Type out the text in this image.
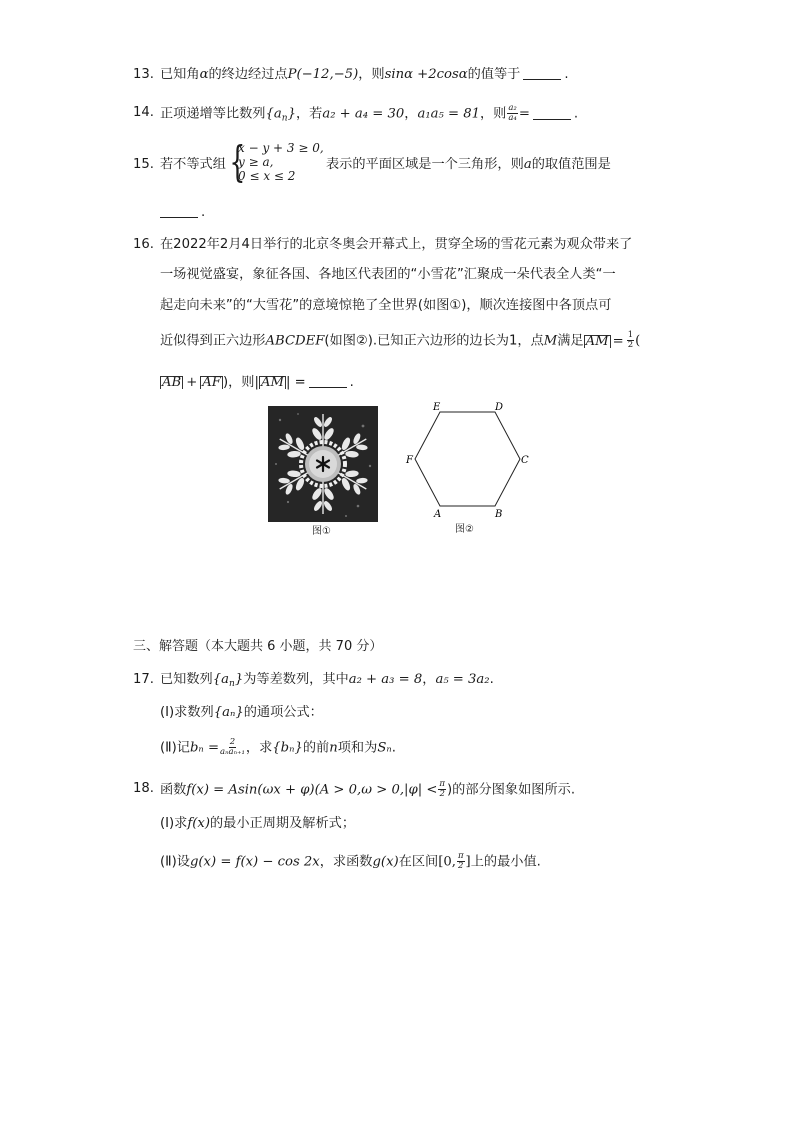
13. 已知角α的终边经过点P(−12,−5)，则sinα +2cosα的值等于	.
14. 正项递增等比数列$\{a_n\}$，若a₂ + a₄ = 30，a₁a₅ = 81，则 $\frac{\text{a₂}}{\text{a₄}}$ =	.
15. 若不等式组 {
x − y + 3 ≥ 0,
y ≥ a,
0 ≤ x ≤ 2
表示的平面区域是一个三角形，则a的取值范围是
.
16. 在2022年2月4日举行的北京冬奥会开幕式上，贯穿全场的雪花元素为观众带来了
一场视觉盛宴，象征各国、各地区代表团的“小雪花”汇聚成一朵代表全人类“一
起走向未来”的“大雪花”的意境惊艳了全世界(如图①)，顺次连接图中各顶点可
近似得到正六边形ABCDEF(如图②).已知正六边形的边长为1，点M满足 AM = $\frac{1}{2}$ (
AB + AF )，则| AM | =	.
图①
A	B
C
D
E
F
图②
三、解答题（本大题共 6 小题，共 70 分）
17. 已知数列$\{a_n\}$为等差数列，其中a₂ + a₃ = 8，a₅ = 3a₂.
(Ⅰ)求数列{aₙ}的通项公式：
(Ⅱ)记$b_n = \frac{2}{\text{aₙaₙ₊₁}}$ ，求{bₙ}的前n项和为Sₙ.
18. 函数$f(x) = Asin(\omega x + \varphi)(A > 0,\omega > 0,|\varphi| < \frac{\pi}{2}$ )的部分图象如图所示.
(Ⅰ)求f(x)的最小正周期及解析式；
(Ⅱ)设g(x) = f(x) − cos 2x，求函数g(x)在区间[0, $\frac{\pi}{2}$ ]上的最小值.
